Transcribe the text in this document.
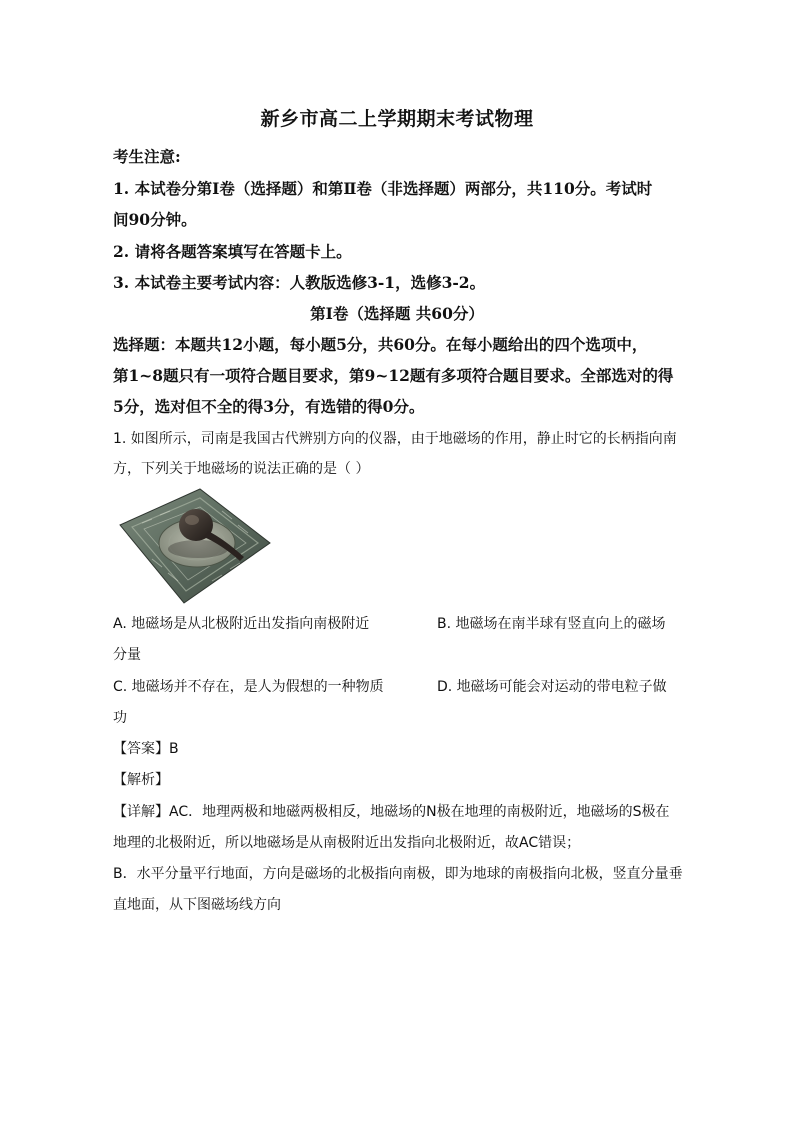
新乡市高二上学期期末考试物理
考生注意:
1. 本试卷分第Ⅰ卷（选择题）和第Ⅱ卷（非选择题）两部分，共110分。考试时
间90分钟。
2. 请将各题答案填写在答题卡上。
3. 本试卷主要考试内容：人教版选修3-1，选修3-2。
第Ⅰ卷（选择题 共60分）
选择题：本题共12小题，每小题5分，共60分。在每小题给出的四个选项中，
第1~8题只有一项符合题目要求，第9~12题有多项符合题目要求。全部选对的得
5分，选对但不全的得3分，有选错的得0分。
1. 如图所示，司南是我国古代辨别方向的仪器，由于地磁场的作用，静止时它的长柄指向南
方，下列关于地磁场的说法正确的是（ ）
A. 地磁场是从北极附近出发指向南极附近	B. 地磁场在南半球有竖直向上的磁场
分量
C. 地磁场并不存在，是人为假想的一种物质	D. 地磁场可能会对运动的带电粒子做
功
【答案】B
【解析】
【详解】AC．地理两极和地磁两极相反，地磁场的N极在地理的南极附近，地磁场的S极在
地理的北极附近，所以地磁场是从南极附近出发指向北极附近，故AC错误；
B．水平分量平行地面，方向是磁场的北极指向南极，即为地球的南极指向北极，竖直分量垂
直地面，从下图磁场线方向
